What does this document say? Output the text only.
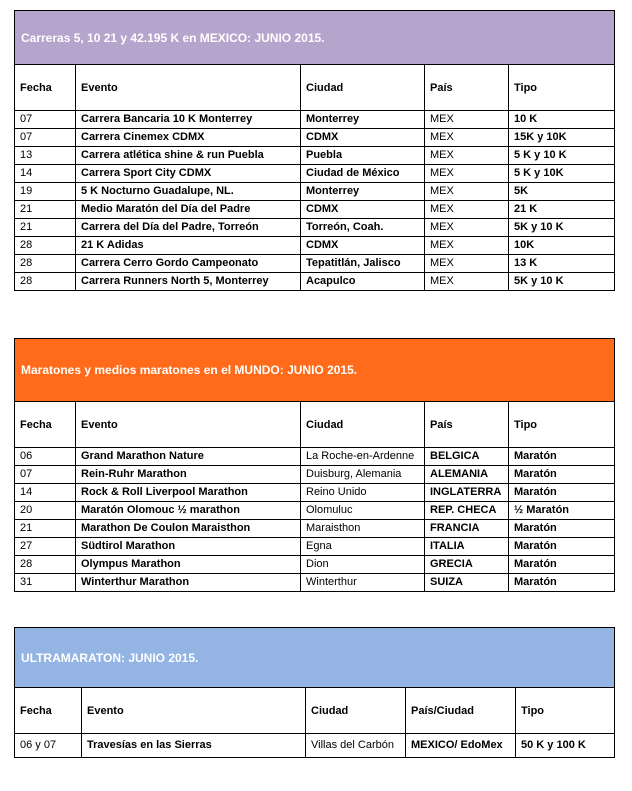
Carreras 5, 10 21 y 42.195 K en MEXICO: JUNIO 2015.				
Fecha	Evento	Ciudad	País	Tipo
07	Carrera Bancaria 10 K Monterrey	Monterrey	MEX	10 K
07	Carrera Cinemex CDMX	CDMX	MEX	15K y 10K
13	Carrera atlética shine & run Puebla	Puebla	MEX	5 K y 10 K
14	Carrera Sport City CDMX	Ciudad de México	MEX	5 K y 10K
19	5 K Nocturno Guadalupe, NL.	Monterrey	MEX	5K
21	Medio Maratón del Día del Padre	CDMX	MEX	21 K
21	Carrera del Día del Padre, Torreón	Torreón, Coah.	MEX	5K y 10 K
28	21 K Adidas	CDMX	MEX	10K
28	Carrera Cerro Gordo Campeonato	Tepatitlán, Jalisco	MEX	13 K
28	Carrera Runners North 5, Monterrey	Acapulco	MEX	5K y 10 K
Maratones y medios maratones en el MUNDO: JUNIO 2015.				
Fecha	Evento	Ciudad	País	Tipo
06	Grand Marathon Nature	La Roche-en-Ardenne	BELGICA	Maratón
07	Rein-Ruhr Marathon	Duisburg, Alemania	ALEMANIA	Maratón
14	Rock & Roll Liverpool Marathon	Reino Unido	INGLATERRA	Maratón
20	Maratón Olomouc ½ marathon	Olomuluc	REP. CHECA	½ Maratón
21	Marathon De Coulon Maraisthon	Maraisthon	FRANCIA	Maratón
27	Südtirol Marathon	Egna	ITALIA	Maratón
28	Olympus Marathon	Dion	GRECIA	Maratón
31	Winterthur Marathon	Winterthur	SUIZA	Maratón
ULTRAMARATON: JUNIO 2015.				
Fecha	Evento	Ciudad	País/Ciudad	Tipo
06 y 07	Travesías en las Sierras	Villas del Carbón	MEXICO/ EdoMex	50 K y 100 K
